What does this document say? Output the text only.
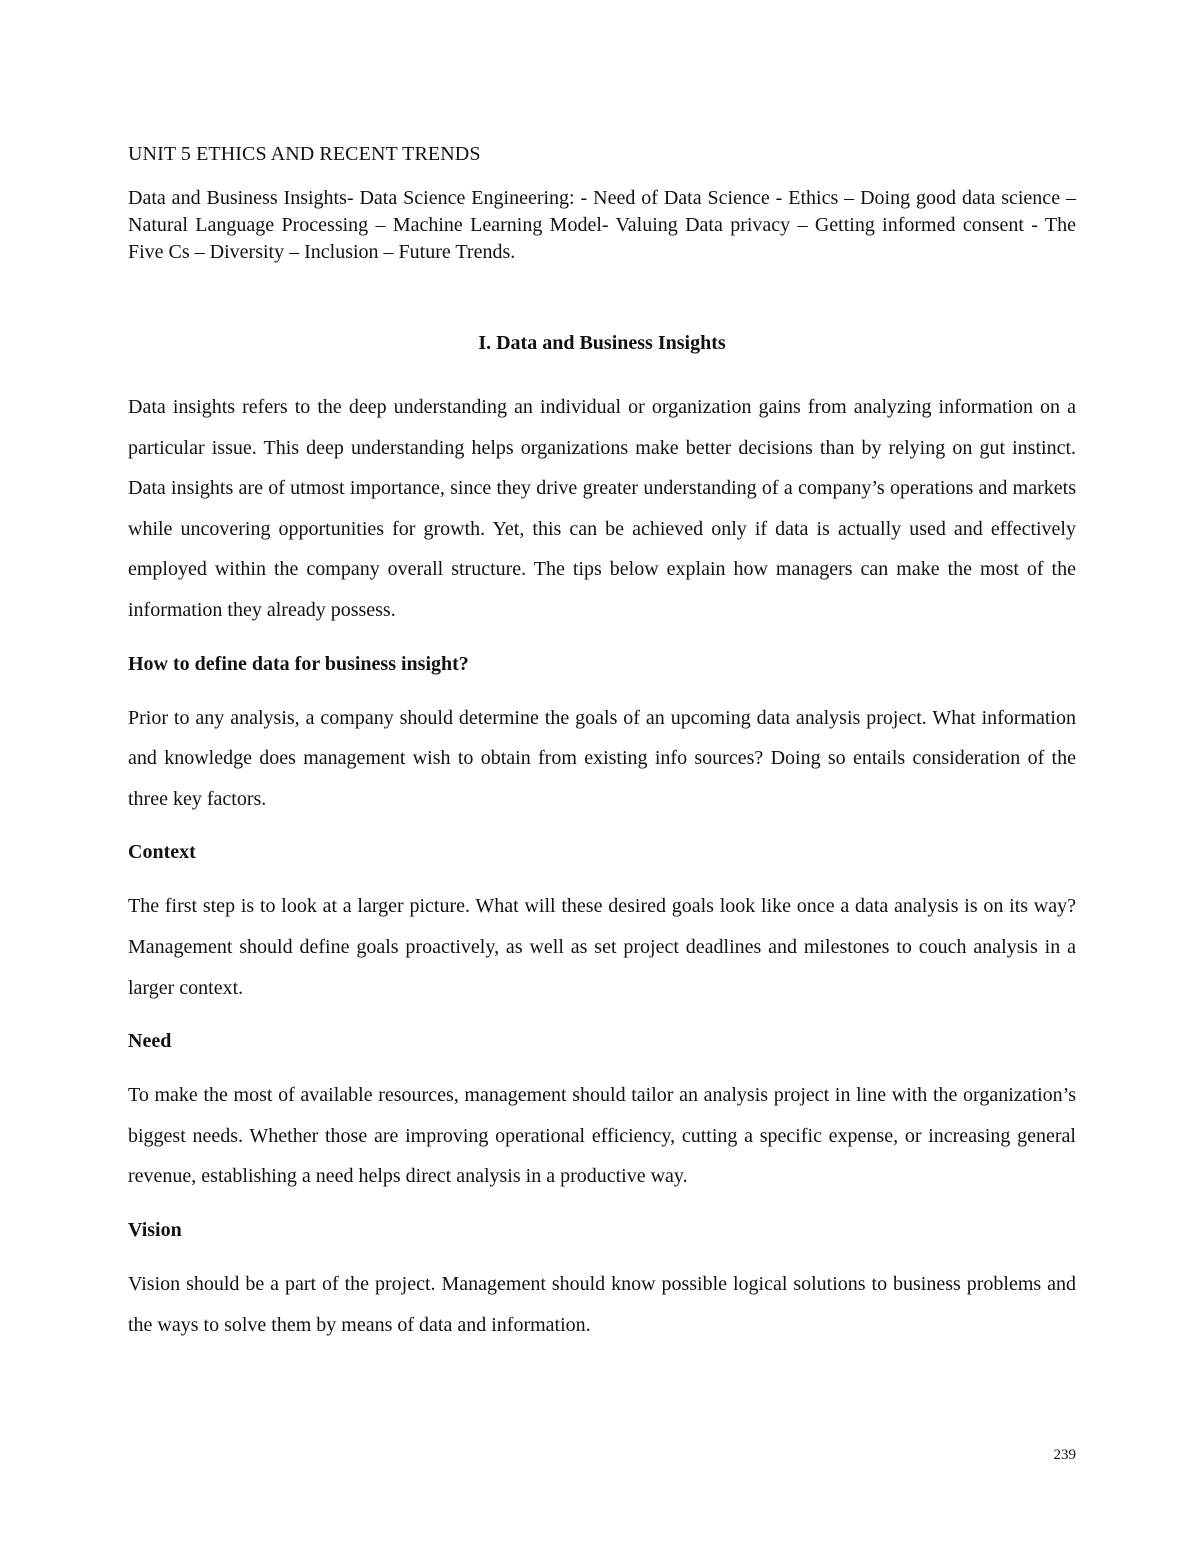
UNIT 5 ETHICS AND RECENT TRENDS

Data and Business Insights- Data Science Engineering: - Need of Data Science - Ethics – Doing good data science – Natural Language Processing – Machine Learning Model- Valuing Data privacy – Getting informed consent - The Five Cs – Diversity – Inclusion – Future Trends.

I. Data and Business Insights

Data insights refers to the deep understanding an individual or organization gains from analyzing information on a particular issue. This deep understanding helps organizations make better decisions than by relying on gut instinct. Data insights are of utmost importance, since they drive greater understanding of a company’s operations and markets while uncovering opportunities for growth. Yet, this can be achieved only if data is actually used and effectively employed within the company overall structure. The tips below explain how managers can make the most of the information they already possess.

How to define data for business insight?

Prior to any analysis, a company should determine the goals of an upcoming data analysis project. What information and knowledge does management wish to obtain from existing info sources? Doing so entails consideration of the three key factors.

Context

The first step is to look at a larger picture. What will these desired goals look like once a data analysis is on its way? Management should define goals proactively, as well as set project deadlines and milestones to couch analysis in a larger context.

Need

To make the most of available resources, management should tailor an analysis project in line with the organization’s biggest needs. Whether those are improving operational efficiency, cutting a specific expense, or increasing general revenue, establishing a need helps direct analysis in a productive way.

Vision

Vision should be a part of the project. Management should know possible logical solutions to business problems and the ways to solve them by means of data and information.

239
